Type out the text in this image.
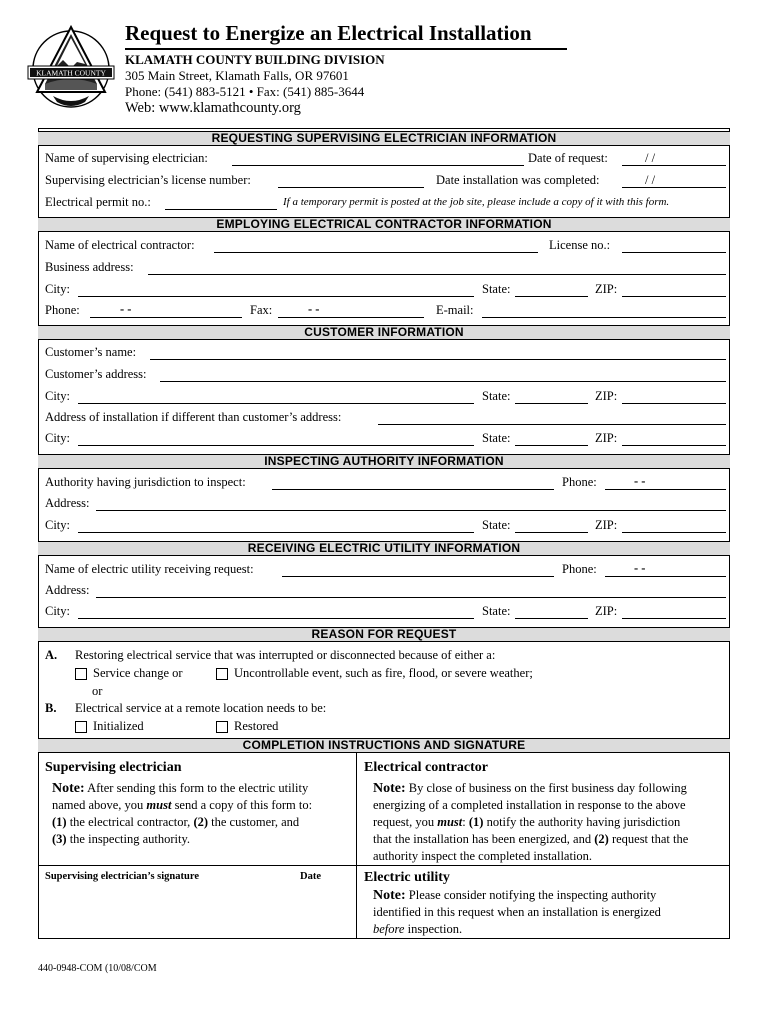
KLAMATH COUNTY
Request to Energize an Electrical Installation
KLAMATH COUNTY BUILDING DIVISION
305 Main Street, Klamath Falls, OR 97601
Phone: (541) 883-5121 • Fax: (541) 885-3644
Web: www.klamathcounty.org
REQUESTING SUPERVISING ELECTRICIAN INFORMATION
Name of supervising electrician:	Date of request:	/ /
Supervising electrician’s license number:	Date installation was completed:	/ /
Electrical permit no.:	If a temporary permit is posted at the job site, please include a copy of it with this form.
EMPLOYING ELECTRICAL CONTRACTOR INFORMATION
Name of electrical contractor:	License no.:
Business address:
City:	State:	ZIP:
Phone:	- -	Fax:	- -	E-mail:
CUSTOMER INFORMATION
Customer’s name:
Customer’s address:
City:	State:	ZIP:
Address of installation if different than customer’s address:
City:	State:	ZIP:
INSPECTING AUTHORITY INFORMATION
Authority having jurisdiction to inspect:	Phone:	- -
Address:
City:	State:	ZIP:
RECEIVING ELECTRIC UTILITY INFORMATION
Name of electric utility receiving request:	Phone:	- -
Address:
City:	State:	ZIP:
REASON FOR REQUEST
A. Restoring electrical service that was interrupted or disconnected because of either a:
Service change or	Uncontrollable event, such as fire, flood, or severe weather;
or
B. Electrical service at a remote location needs to be:
Initialized	Restored
COMPLETION INSTRUCTIONS AND SIGNATURE
Supervising electrician
Note: After sending this form to the electric utility
named above, you must send a copy of this form to:
(1) the electrical contractor, (2) the customer, and
(3) the inspecting authority.
Supervising electrician’s signature	Date
Electrical contractor
Note: By close of business on the first business day following
energizing of a completed installation in response to the above
request, you must: (1) notify the authority having jurisdiction
that the installation has been energized, and (2) request that the
authority inspect the completed installation.
Electric utility
Note: Please consider notifying the inspecting authority
identified in this request when an installation is energized
before inspection.
440-0948-COM (10/08/COM
